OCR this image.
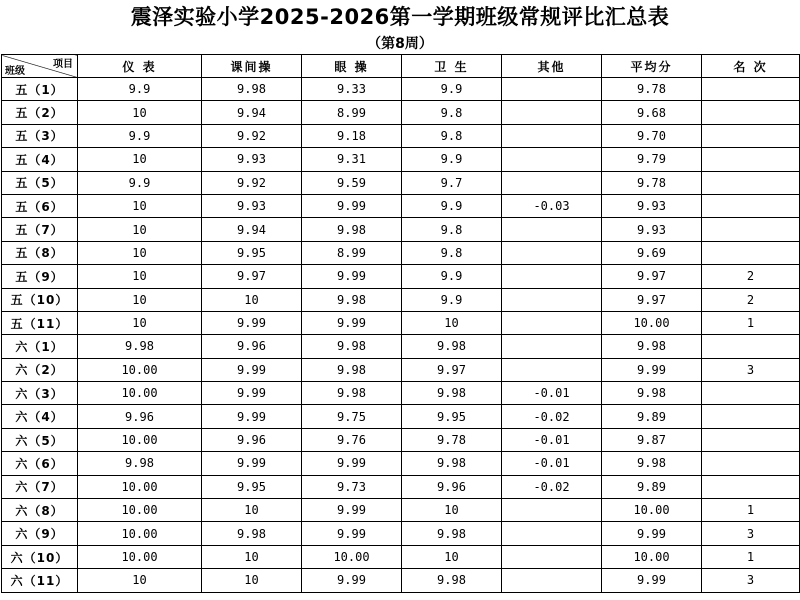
震泽实验小学2025-2026第一学期班级常规评比汇总表
（第8周）
项目
班级	仪 表	课间操	眼 操	卫 生	其他	平均分	名 次
五（1）	9.9	9.98	9.33	9.9		9.78	
五（2）	10	9.94	8.99	9.8		9.68	
五（3）	9.9	9.92	9.18	9.8		9.70	
五（4）	10	9.93	9.31	9.9		9.79	
五（5）	9.9	9.92	9.59	9.7		9.78	
五（6）	10	9.93	9.99	9.9	-0.03	9.93	
五（7）	10	9.94	9.98	9.8		9.93	
五（8）	10	9.95	8.99	9.8		9.69	
五（9）	10	9.97	9.99	9.9		9.97	2
五（10）	10	10	9.98	9.9		9.97	2
五（11）	10	9.99	9.99	10		10.00	1
六（1）	9.98	9.96	9.98	9.98		9.98	
六（2）	10.00	9.99	9.98	9.97		9.99	3
六（3）	10.00	9.99	9.98	9.98	-0.01	9.98	
六（4）	9.96	9.99	9.75	9.95	-0.02	9.89	
六（5）	10.00	9.96	9.76	9.78	-0.01	9.87	
六（6）	9.98	9.99	9.99	9.98	-0.01	9.98	
六（7）	10.00	9.95	9.73	9.96	-0.02	9.89	
六（8）	10.00	10	9.99	10		10.00	1
六（9）	10.00	9.98	9.99	9.98		9.99	3
六（10）	10.00	10	10.00	10		10.00	1
六（11）	10	10	9.99	9.98		9.99	3
